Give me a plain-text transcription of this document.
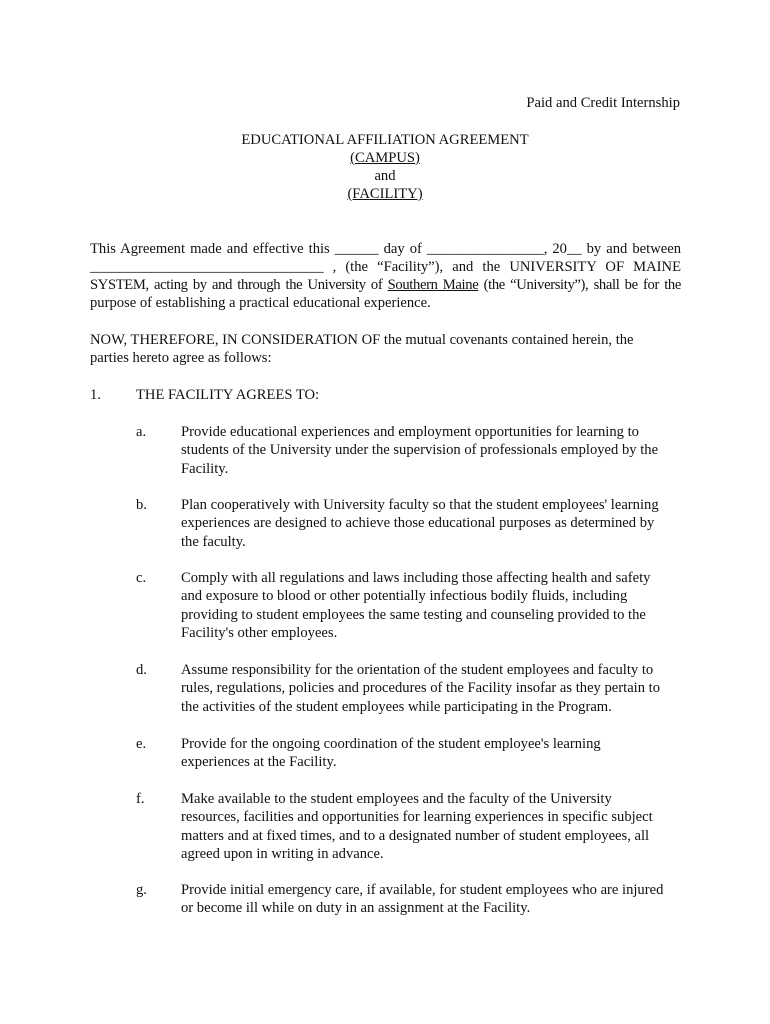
Paid and Credit Internship
EDUCATIONAL AFFILIATION AGREEMENT
(CAMPUS)
and
(FACILITY)
This Agreement made and effective this ______ day of ________________, 20__ by and between
________________________________ , (the “Facility”), and the UNIVERSITY OF MAINE
SYSTEM, acting by and through the University of Southern Maine (the “University”), shall be for the
purpose of establishing a practical educational experience.
NOW, THEREFORE, IN CONSIDERATION OF the mutual covenants contained herein, the
parties hereto agree as follows:
1. THE FACILITY AGREES TO:
a. Provide educational experiences and employment opportunities for learning to students of the University under the supervision of professionals employed by the Facility.
b. Plan cooperatively with University faculty so that the student employees' learning experiences are designed to achieve those educational purposes as determined by the faculty.
c. Comply with all regulations and laws including those affecting health and safety and exposure to blood or other potentially infectious bodily fluids, including providing to student employees the same testing and counseling provided to the Facility's other employees.
d. Assume responsibility for the orientation of the student employees and faculty to rules, regulations, policies and procedures of the Facility insofar as they pertain to the activities of the student employees while participating in the Program.
e. Provide for the ongoing coordination of the student employee's learning experiences at the Facility.
f. Make available to the student employees and the faculty of the University resources, facilities and opportunities for learning experiences in specific subject matters and at fixed times, and to a designated number of student employees, all agreed upon in writing in advance.
g. Provide initial emergency care, if available, for student employees who are injured or become ill while on duty in an assignment at the Facility.
